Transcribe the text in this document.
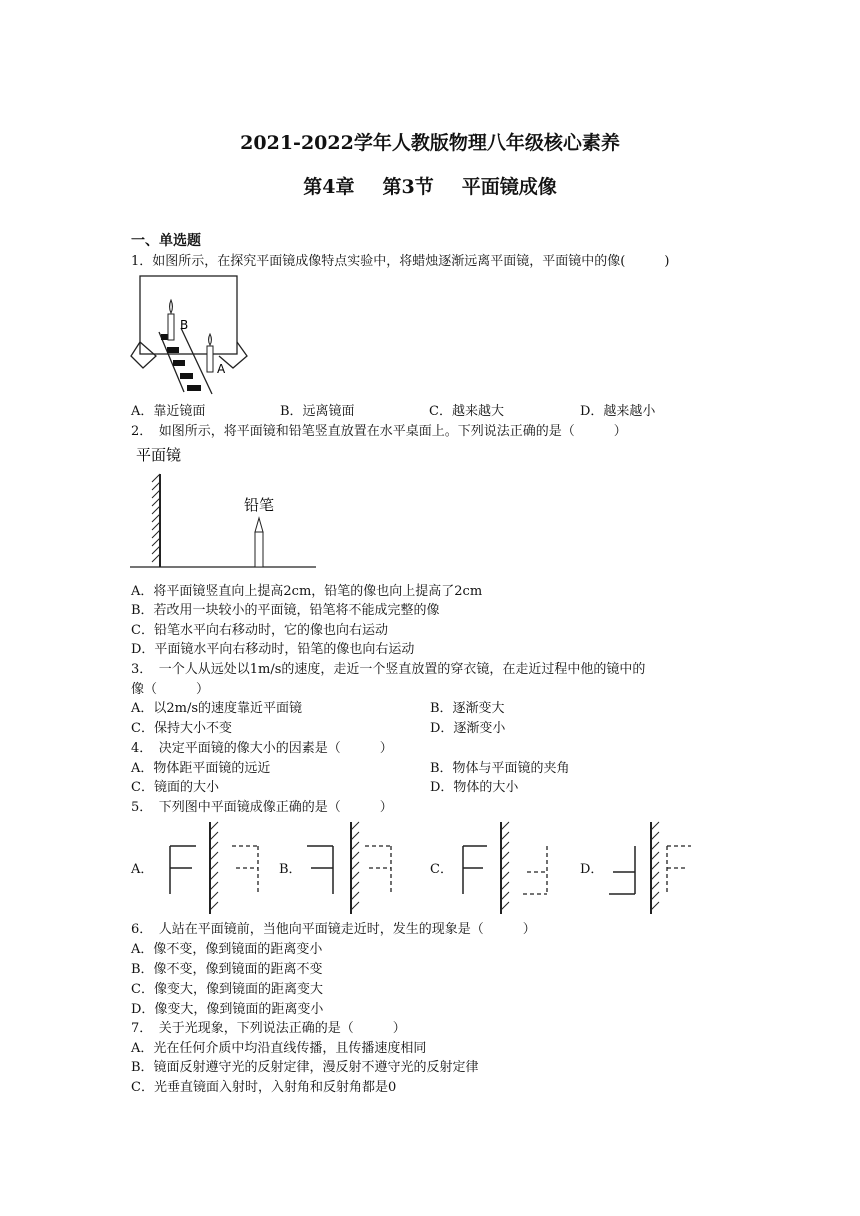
2021-2022学年人教版物理八年级核心素养
第4章 第3节 平面镜成像
一、单选题
1．如图所示，在探究平面镜成像特点实验中，将蜡烛逐渐远离平面镜，平面镜中的像(　　　)
B
A
A．靠近镜面	B．远离镜面	C．越来越大	D．越来越小
2．　如图所示，将平面镜和铅笔竖直放置在水平桌面上。下列说法正确的是（　　　）
平面镜
铅笔
A．将平面镜竖直向上提高2cm，铅笔的像也向上提高了2cm
B．若改用一块较小的平面镜，铅笔将不能成完整的像
C．铅笔水平向右移动时，它的像也向右运动
D．平面镜水平向右移动时，铅笔的像也向右运动
3．　一个人从远处以1m/s的速度，走近一个竖直放置的穿衣镜，在走近过程中他的镜中的
像（　　　）
A．以2m/s的速度靠近平面镜	B．逐渐变大
C．保持大小不变	D．逐渐变小
4．　决定平面镜的像大小的因素是（　　　）
A．物体距平面镜的远近	B．物体与平面镜的夹角
C．镜面的大小	D．物体的大小
5．　下列图中平面镜成像正确的是（　　　）
A．	B．	C．	D．
6．　人站在平面镜前，当他向平面镜走近时，发生的现象是（　　　）
A．像不变，像到镜面的距离变小
B．像不变，像到镜面的距离不变
C．像变大，像到镜面的距离变大
D．像变大，像到镜面的距离变小
7．　关于光现象，下列说法正确的是（　　　）
A．光在任何介质中均沿直线传播，且传播速度相同
B．镜面反射遵守光的反射定律，漫反射不遵守光的反射定律
C．光垂直镜面入射时，入射角和反射角都是0
